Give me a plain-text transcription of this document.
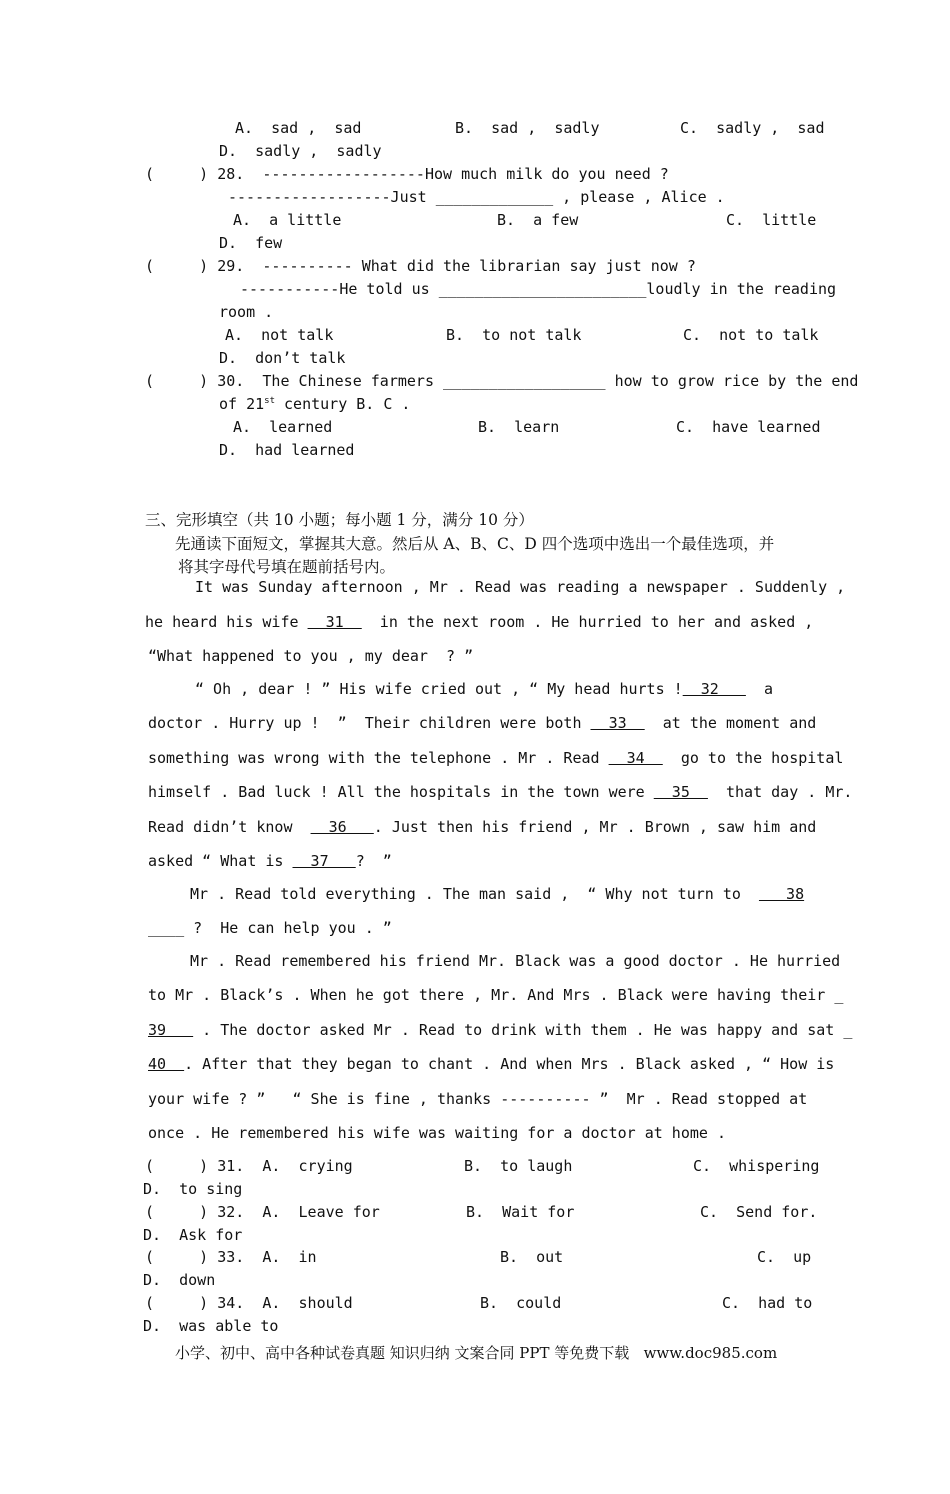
A.  sad ,  sad	B.  sad ,  sadly	C.  sadly ,  sad
D.  sadly ,  sadly
(     ) 28.  ------------------How much milk do you need ?
------------------Just _____________ , please , Alice .
A.  a little	B.  a few	C.  little
D.  few
(     ) 29.  ---------- What did the librarian say just now ?
-----------He told us _______________________loudly in the reading
room .
A.  not talk	B.  to not talk	C.  not to talk
D.  don’t talk
(     ) 30.  The Chinese farmers __________________ how to grow rice by the end
of 21st century B. C .
A.  learned	B.  learn	C.  have learned
D.  had learned
三、完形填空（共 10 小题；每小题 1 分，满分 10 分）
先通读下面短文，掌握其大意。然后从 A、B、C、D 四个选项中选出一个最佳选项，并
将其字母代号填在题前括号内。
It was Sunday afternoon , Mr . Read was reading a newspaper . Suddenly ,
he heard his wife   31    in the next room . He hurried to her and asked ,
“What happened to you , my dear  ? ”
“ Oh , dear ! ” His wife cried out , “ My head hurts !  32     a
doctor . Hurry up !  ”  Their children were both   33    at the moment and
something was wrong with the telephone . Mr . Read   34    go to the hospital
himself . Bad luck ! All the hospitals in the town were   35    that day . Mr.
Read didn’t know    36   . Just then his friend , Mr . Brown , saw him and
asked “ What is   37   ?  ”
Mr . Read told everything . The man said ,  “ Why not turn to     38
____ ?  He can help you . ”
Mr . Read remembered his friend Mr. Black was a good doctor . He hurried
to Mr . Black’s . When he got there , Mr. And Mrs . Black were having their _
39    . The doctor asked Mr . Read to drink with them . He was happy and sat _
40  . After that they began to chant . And when Mrs . Black asked , “ How is
your wife ? ”   “ She is fine , thanks ---------- ”  Mr . Read stopped at
once . He remembered his wife was waiting for a doctor at home .
(     ) 31.  A.  crying	B.  to laugh	C.  whispering
D.  to sing
(     ) 32.  A.  Leave for	B.  Wait for	C.  Send for.
D.  Ask for
(     ) 33.  A.  in	B.  out	C.  up
D.  down
(     ) 34.  A.  should	B.  could	C.  had to
D.  was able to
小学、初中、高中各种试卷真题 知识归纳 文案合同 PPT 等免费下载   www.doc985.com
